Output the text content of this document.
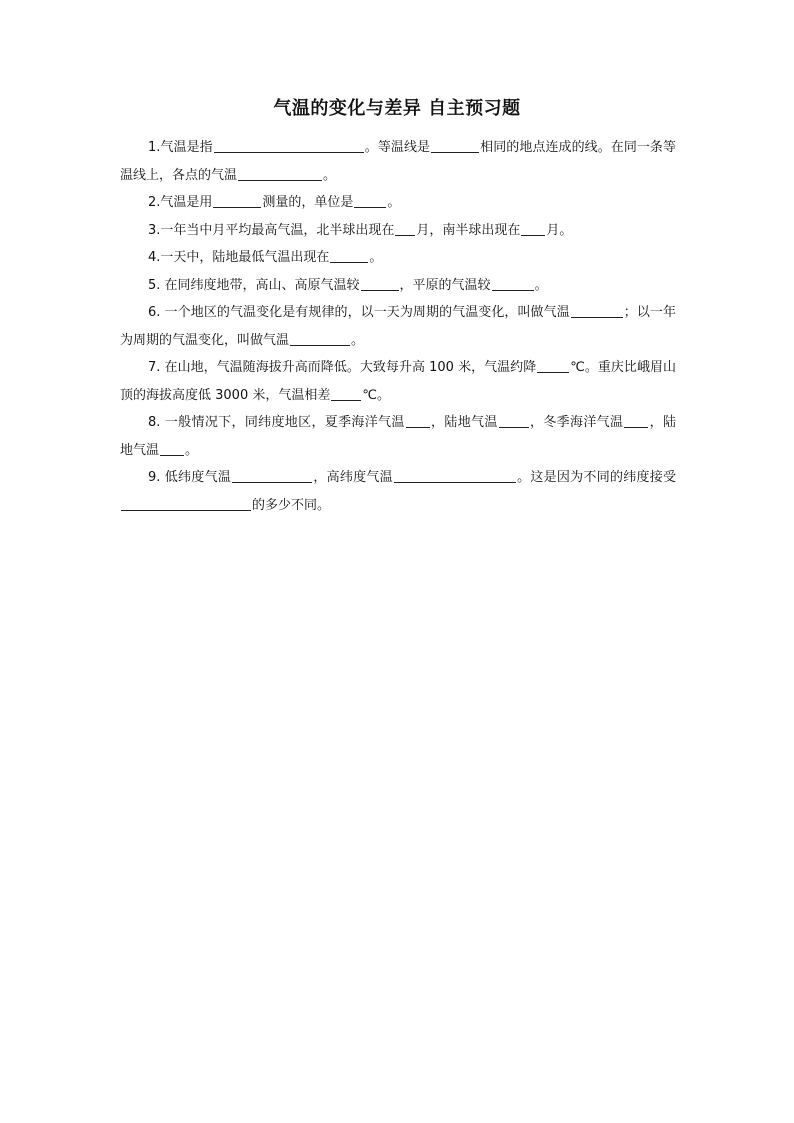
气温的变化与差异 自主预习题

1.气温是指	。等温线是	相同的地点连成的线。在同一条等温线上，各点的气温	。

2.气温是用	测量的，单位是	。

3.一年当中月平均最高气温，北半球出现在 月，南半球出现在 月。

4.一天中，陆地最低气温出现在	。

5. 在同纬度地带，高山、高原气温较	，平原的气温较	。

6. 一个地区的气温变化是有规律的，以一天为周期的气温变化，叫做气温	；以一年为周期的气温变化，叫做气温	。

7. 在山地，气温随海拔升高而降低。大致每升高 100 米，气温约降	℃。重庆比峨眉山顶的海拔高度低 3000 米，气温相差 ℃。

8. 一般情况下，同纬度地区，夏季海洋气温 ，陆地气温 ，冬季海洋气温 ，陆地气温 。

9. 低纬度气温	，高纬度气温	。这是因为不同的纬度接受的多少不同。
